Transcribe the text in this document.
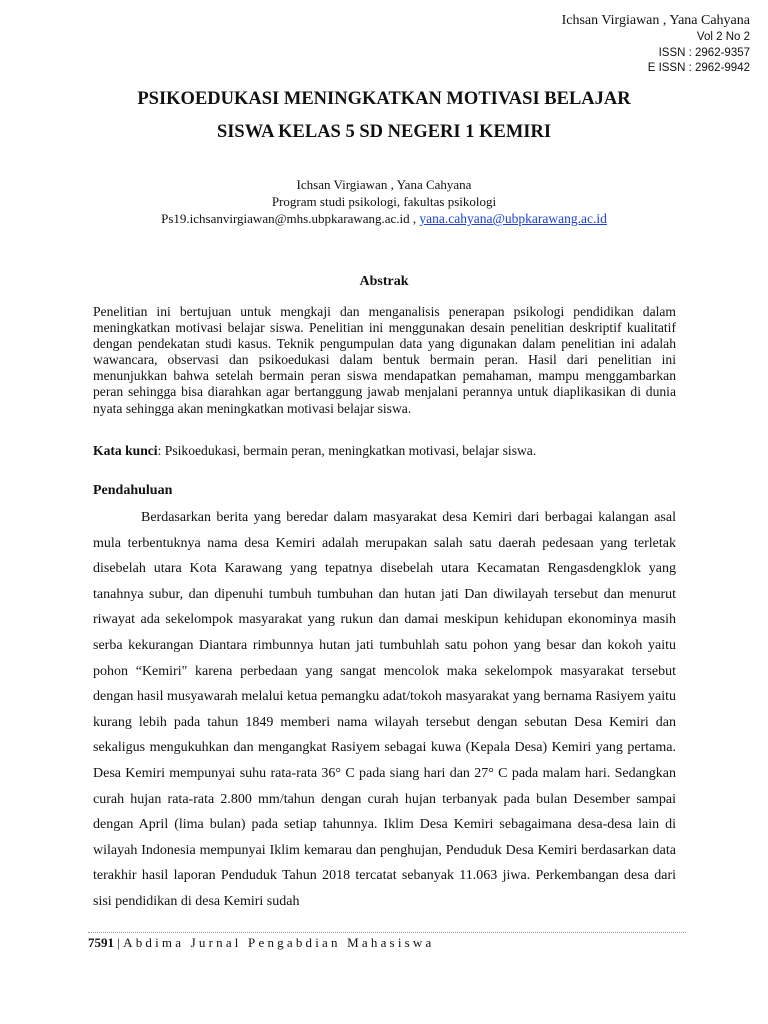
Ichsan Virgiawan , Yana Cahyana
Vol 2 No 2
ISSN : 2962-9357
E ISSN : 2962-9942
PSIKOEDUKASI MENINGKATKAN MOTIVASI BELAJAR
SISWA KELAS 5 SD NEGERI 1 KEMIRI
Ichsan Virgiawan , Yana Cahyana
Program studi psikologi, fakultas psikologi
Ps19.ichsanvirgiawan@mhs.ubpkarawang.ac.id , yana.cahyana@ubpkarawang.ac.id
Abstrak

Penelitian ini bertujuan untuk mengkaji dan menganalisis penerapan psikologi pendidikan dalam meningkatkan motivasi belajar siswa. Penelitian ini menggunakan desain penelitian deskriptif kualitatif dengan pendekatan studi kasus. Teknik pengumpulan data yang digunakan dalam penelitian ini adalah wawancara, observasi dan psikoedukasi dalam bentuk bermain peran. Hasil dari penelitian ini menunjukkan bahwa setelah bermain peran siswa mendapatkan pemahaman, mampu menggambarkan peran sehingga bisa diarahkan agar bertanggung jawab menjalani perannya untuk diaplikasikan di dunia nyata sehingga akan meningkatkan motivasi belajar siswa.

Kata kunci: Psikoedukasi, bermain peran, meningkatkan motivasi, belajar siswa.

Pendahuluan

Berdasarkan berita yang beredar dalam masyarakat desa Kemiri dari berbagai kalangan asal mula terbentuknya nama desa Kemiri adalah merupakan salah satu daerah pedesaan yang terletak disebelah utara Kota Karawang yang tepatnya disebelah utara Kecamatan Rengasdengklok yang tanahnya subur, dan dipenuhi tumbuh tumbuhan dan hutan jati Dan diwilayah tersebut dan menurut riwayat ada sekelompok masyarakat yang rukun dan damai meskipun kehidupan ekonominya masih serba kekurangan Diantara rimbunnya hutan jati tumbuhlah satu pohon yang besar dan kokoh yaitu pohon “Kemiri" karena perbedaan yang sangat mencolok maka sekelompok masyarakat tersebut dengan hasil musyawarah melalui ketua pemangku adat/tokoh masyarakat yang bernama Rasiyem yaitu kurang lebih pada tahun 1849 memberi nama wilayah tersebut dengan sebutan Desa Kemiri dan sekaligus mengukuhkan dan mengangkat Rasiyem sebagai kuwa (Kepala Desa) Kemiri yang pertama. Desa Kemiri mempunyai suhu rata-rata 36° C pada siang hari dan 27° C pada malam hari. Sedangkan curah hujan rata-rata 2.800 mm/tahun dengan curah hujan terbanyak pada bulan Desember sampai dengan April (lima bulan) pada setiap tahunnya. Iklim Desa Kemiri sebagaimana desa-desa lain di wilayah Indonesia mempunyai Iklim kemarau dan penghujan, Penduduk Desa Kemiri berdasarkan data terakhir hasil laporan Penduduk Tahun 2018 tercatat sebanyak 11.063 jiwa. Perkembangan desa dari sisi pendidikan di desa Kemiri sudah

7591 | Abdima Jurnal Pengabdian Mahasiswa
